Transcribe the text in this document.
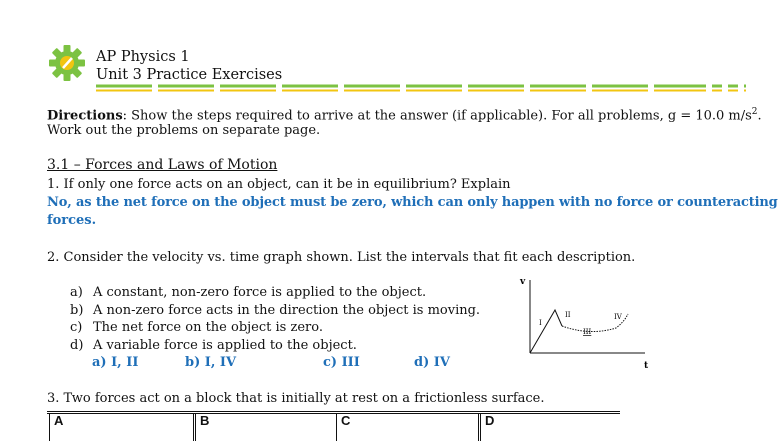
AP Physics 1
Unit 3 Practice Exercises
Directions: Show the steps required to arrive at the answer (if applicable). For all problems, g = 10.0 $m/s^2$.
Work out the problems on separate page.
3.1 – Forces and Laws of Motion
1. If only one force acts on an object, can it be in equilibrium? Explain
No, as the net force on the object must be zero, which can only happen with no force or counteracting
forces.
2. Consider the velocity vs. time graph shown. List the intervals that fit each description.
a) A constant, non-zero force is applied to the object.
b) A non-zero force acts in the direction the object is moving.
c) The net force on the object is zero.
d) A variable force is applied to the object.
a) I, II	b) I, IV	c) III	d) IV
v
t
I
II
III
IV
3. Two forces act on a block that is initially at rest on a frictionless surface.
A	B	C	D
